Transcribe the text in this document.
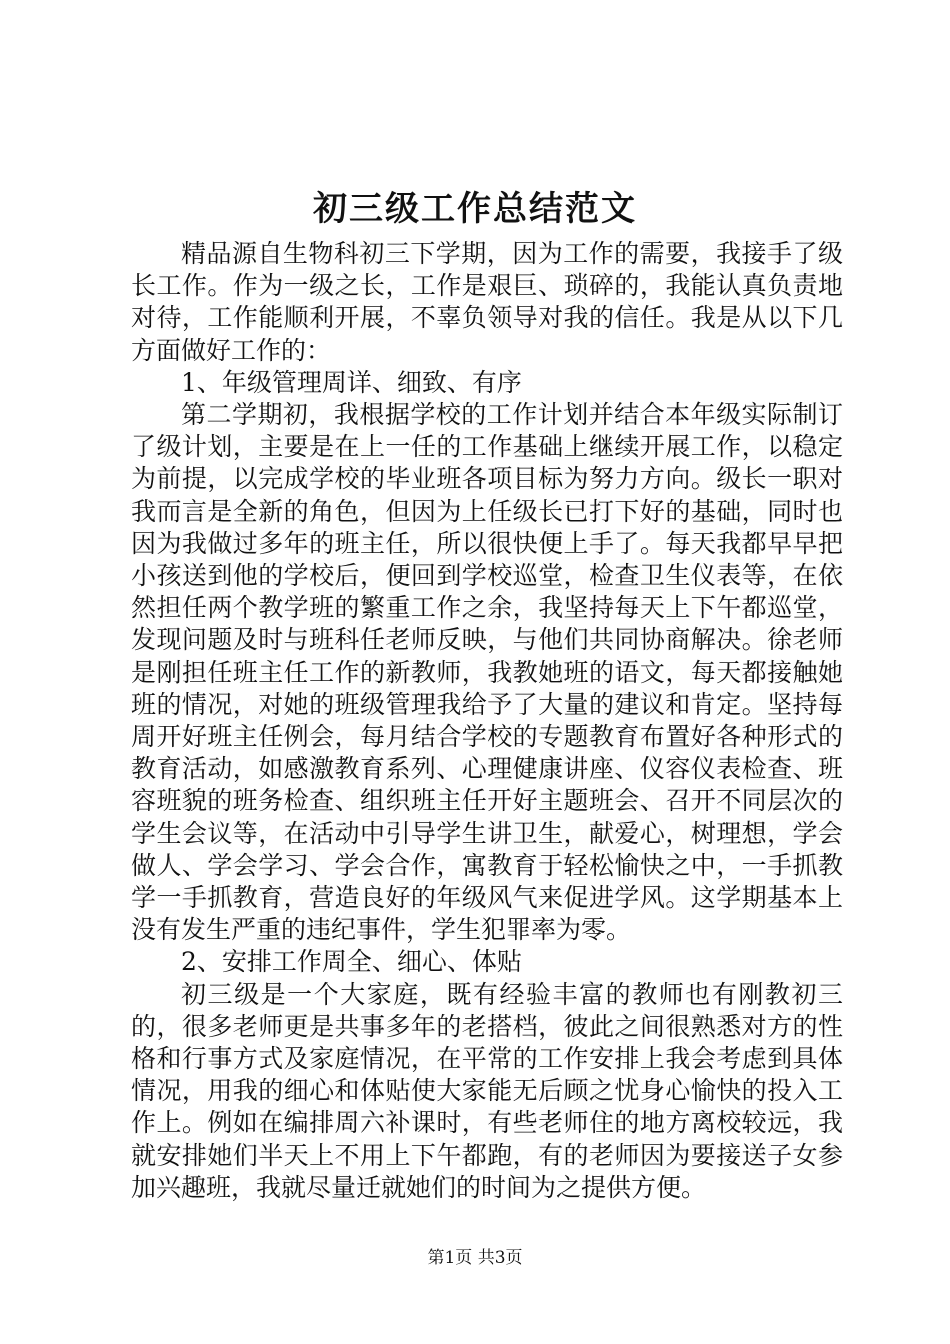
初三级工作总结范文

精品源自生物科初三下学期，因为工作的需要，我接手了级长工作。作为一级之长，工作是艰巨、琐碎的，我能认真负责地对待，工作能顺利开展，不辜负领导对我的信任。我是从以下几方面做好工作的：

1、年级管理周详、细致、有序

第二学期初，我根据学校的工作计划并结合本年级实际制订了级计划，主要是在上一任的工作基础上继续开展工作，以稳定为前提，以完成学校的毕业班各项目标为努力方向。级长一职对我而言是全新的角色，但因为上任级长已打下好的基础，同时也因为我做过多年的班主任，所以很快便上手了。每天我都早早把小孩送到他的学校后，便回到学校巡堂，检查卫生仪表等，在依然担任两个教学班的繁重工作之余，我坚持每天上下午都巡堂，发现问题及时与班科任老师反映，与他们共同协商解决。徐老师是刚担任班主任工作的新教师，我教她班的语文，每天都接触她班的情况，对她的班级管理我给予了大量的建议和肯定。坚持每周开好班主任例会，每月结合学校的专题教育布置好各种形式的教育活动，如感激教育系列、心理健康讲座、仪容仪表检查、班容班貌的班务检查、组织班主任开好主题班会、召开不同层次的学生会议等，在活动中引导学生讲卫生，献爱心，树理想，学会做人、学会学习、学会合作，寓教育于轻松愉快之中，一手抓教学一手抓教育，营造良好的年级风气来促进学风。这学期基本上没有发生严重的违纪事件，学生犯罪率为零。

2、安排工作周全、细心、体贴

初三级是一个大家庭，既有经验丰富的教师也有刚教初三的，很多老师更是共事多年的老搭档，彼此之间很熟悉对方的性格和行事方式及家庭情况，在平常的工作安排上我会考虑到具体情况，用我的细心和体贴使大家能无后顾之忧身心愉快的投入工作上。例如在编排周六补课时，有些老师住的地方离校较远，我就安排她们半天上不用上下午都跑，有的老师因为要接送子女参加兴趣班，我就尽量迁就她们的时间为之提供方便。

第1页 共3页
